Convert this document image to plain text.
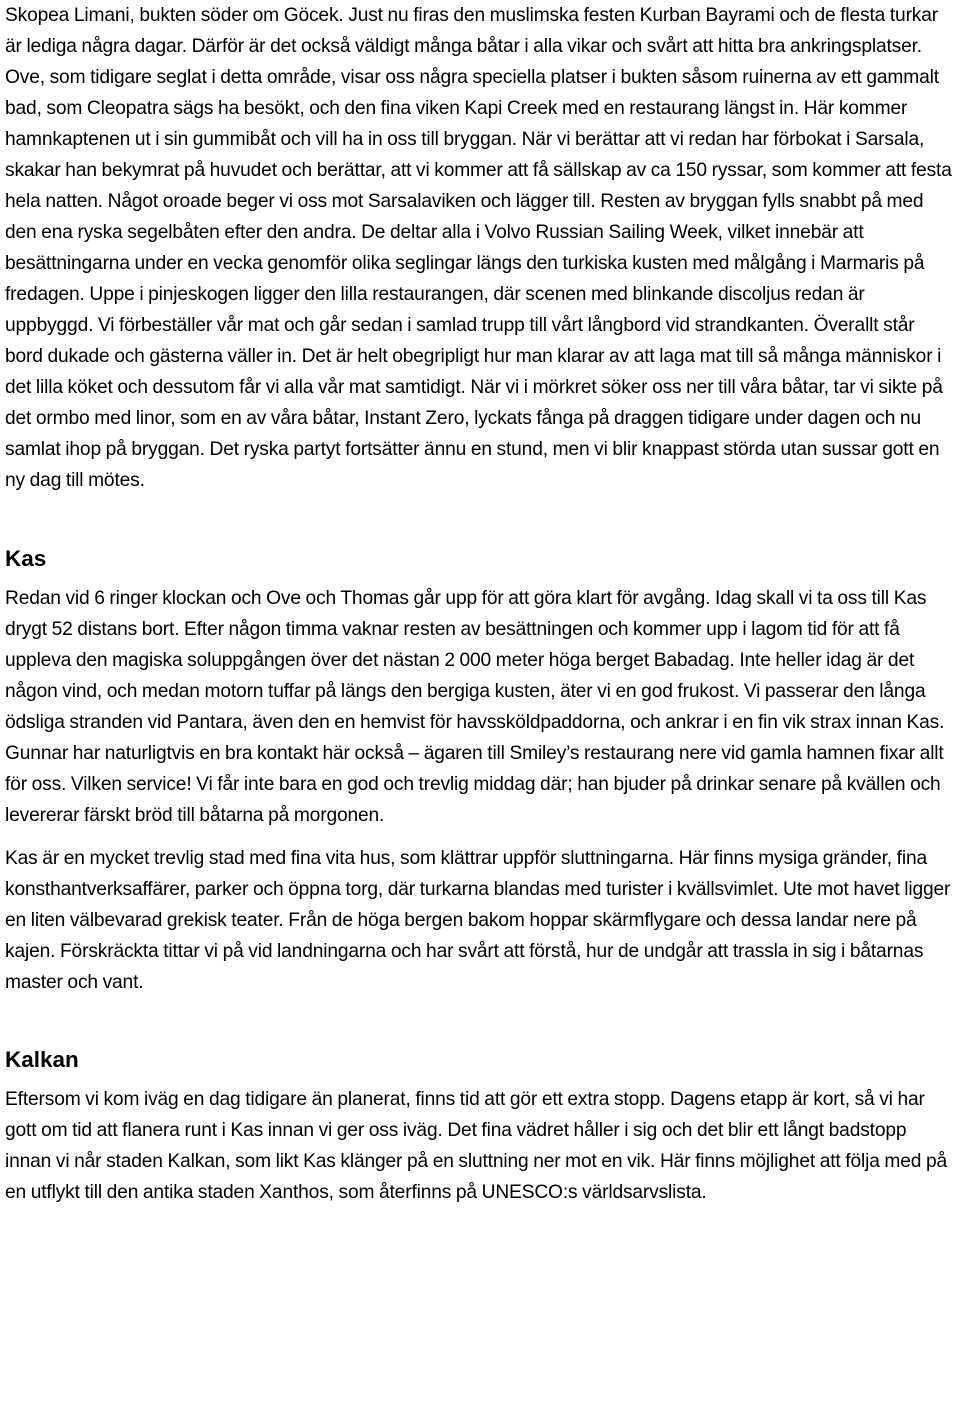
Skopea Limani, bukten söder om Göcek. Just nu firas den muslimska festen Kurban Bayrami och de flesta turkar är lediga några dagar. Därför är det också väldigt många båtar i alla vikar och svårt att hitta bra ankringsplatser. Ove, som tidigare seglat i detta område, visar oss några speciella platser i bukten såsom ruinerna av ett gammalt bad, som Cleopatra sägs ha besökt, och den fina viken Kapi Creek med en restaurang längst in. Här kommer hamnkaptenen ut i sin gummibåt och vill ha in oss till bryggan. När vi berättar att vi redan har förbokat i Sarsala, skakar han bekymrat på huvudet och berättar, att vi kommer att få sällskap av ca 150 ryssar, som kommer att festa hela natten. Något oroade beger vi oss mot Sarsalaviken och lägger till. Resten av bryggan fylls snabbt på med den ena ryska segelbåten efter den andra. De deltar alla i Volvo Russian Sailing Week, vilket innebär att besättningarna under en vecka genomför olika seglingar längs den turkiska kusten med målgång i Marmaris på fredagen. Uppe i pinjeskogen ligger den lilla restaurangen, där scenen med blinkande discoljus redan är uppbyggd. Vi förbeställer vår mat och går sedan i samlad trupp till vårt långbord vid strandkanten. Överallt står bord dukade och gästerna väller in. Det är helt obegripligt hur man klarar av att laga mat till så många människor i det lilla köket och dessutom får vi alla vår mat samtidigt. När vi i mörkret söker oss ner till våra båtar, tar vi sikte på det ormbo med linor, som en av våra båtar, Instant Zero, lyckats fånga på draggen tidigare under dagen och nu samlat ihop på bryggan. Det ryska partyt fortsätter ännu en stund, men vi blir knappast störda utan sussar gott en ny dag till mötes.

Kas

Redan vid 6 ringer klockan och Ove och Thomas går upp för att göra klart för avgång. Idag skall vi ta oss till Kas drygt 52 distans bort. Efter någon timma vaknar resten av besättningen och kommer upp i lagom tid för att få uppleva den magiska soluppgången över det nästan 2 000 meter höga berget Babadag. Inte heller idag är det någon vind, och medan motorn tuffar på längs den bergiga kusten, äter vi en god frukost. Vi passerar den långa ödsliga stranden vid Pantara, även den en hemvist för havssköldpaddorna, och ankrar i en fin vik strax innan Kas. Gunnar har naturligtvis en bra kontakt här också – ägaren till Smiley’s restaurang nere vid gamla hamnen fixar allt för oss. Vilken service! Vi får inte bara en god och trevlig middag där; han bjuder på drinkar senare på kvällen och levererar färskt bröd till båtarna på morgonen.

Kas är en mycket trevlig stad med fina vita hus, som klättrar uppför sluttningarna. Här finns mysiga gränder, fina konsthantverksaffärer, parker och öppna torg, där turkarna blandas med turister i kvällsvimlet. Ute mot havet ligger en liten välbevarad grekisk teater. Från de höga bergen bakom hoppar skärmflygare och dessa landar nere på kajen. Förskräckta tittar vi på vid landningarna och har svårt att förstå, hur de undgår att trassla in sig i båtarnas master och vant.

Kalkan

Eftersom vi kom iväg en dag tidigare än planerat, finns tid att gör ett extra stopp. Dagens etapp är kort, så vi har gott om tid att flanera runt i Kas innan vi ger oss iväg. Det fina vädret håller i sig och det blir ett långt badstopp innan vi når staden Kalkan, som likt Kas klänger på en sluttning ner mot en vik. Här finns möjlighet att följa med på en utflykt till den antika staden Xanthos, som återfinns på UNESCO:s världsarvslista.
